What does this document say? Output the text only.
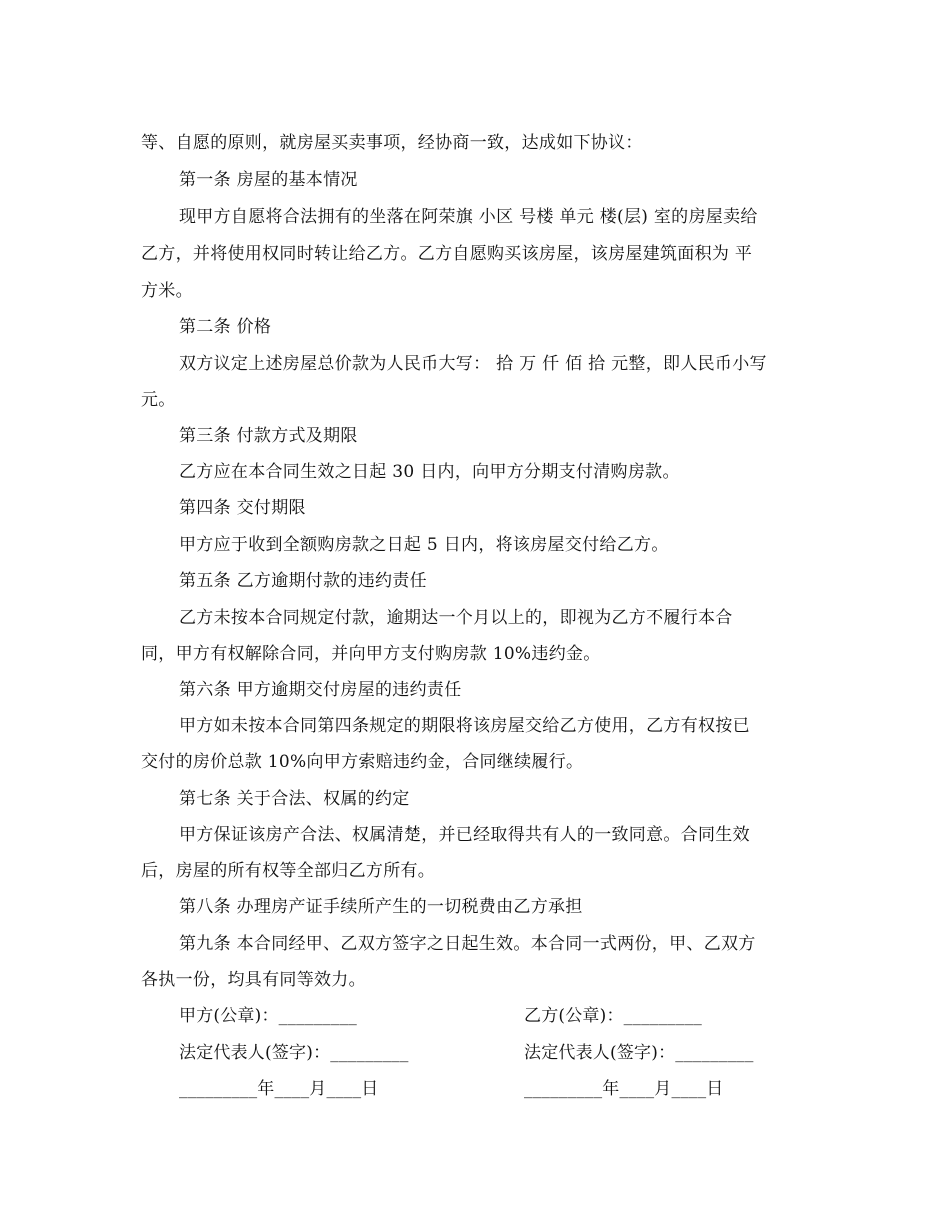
等、自愿的原则，就房屋买卖事项，经协商一致，达成如下协议：
第一条 房屋的基本情况
现甲方自愿将合法拥有的坐落在阿荣旗 小区 号楼 单元 楼(层) 室的房屋卖给
乙方，并将使用权同时转让给乙方。乙方自愿购买该房屋，该房屋建筑面积为 平
方米。
第二条 价格
双方议定上述房屋总价款为人民币大写： 拾 万 仟 佰 拾 元整，即人民币小写
元。
第三条 付款方式及期限
乙方应在本合同生效之日起 30 日内，向甲方分期支付清购房款。
第四条 交付期限
甲方应于收到全额购房款之日起 5 日内，将该房屋交付给乙方。
第五条 乙方逾期付款的违约责任
乙方未按本合同规定付款，逾期达一个月以上的，即视为乙方不履行本合
同，甲方有权解除合同，并向甲方支付购房款 10%违约金。
第六条 甲方逾期交付房屋的违约责任
甲方如未按本合同第四条规定的期限将该房屋交给乙方使用，乙方有权按已
交付的房价总款 10%向甲方索赔违约金，合同继续履行。
第七条 关于合法、权属的约定
甲方保证该房产合法、权属清楚，并已经取得共有人的一致同意。合同生效
后，房屋的所有权等全部归乙方所有。
第八条 办理房产证手续所产生的一切税费由乙方承担
第九条 本合同经甲、乙双方签字之日起生效。本合同一式两份，甲、乙双方
各执一份，均具有同等效力。
甲方(公章)：_________	乙方(公章)：_________
法定代表人(签字)：_________	法定代表人(签字)：_________
_________年____月____日	_________年____月____日
